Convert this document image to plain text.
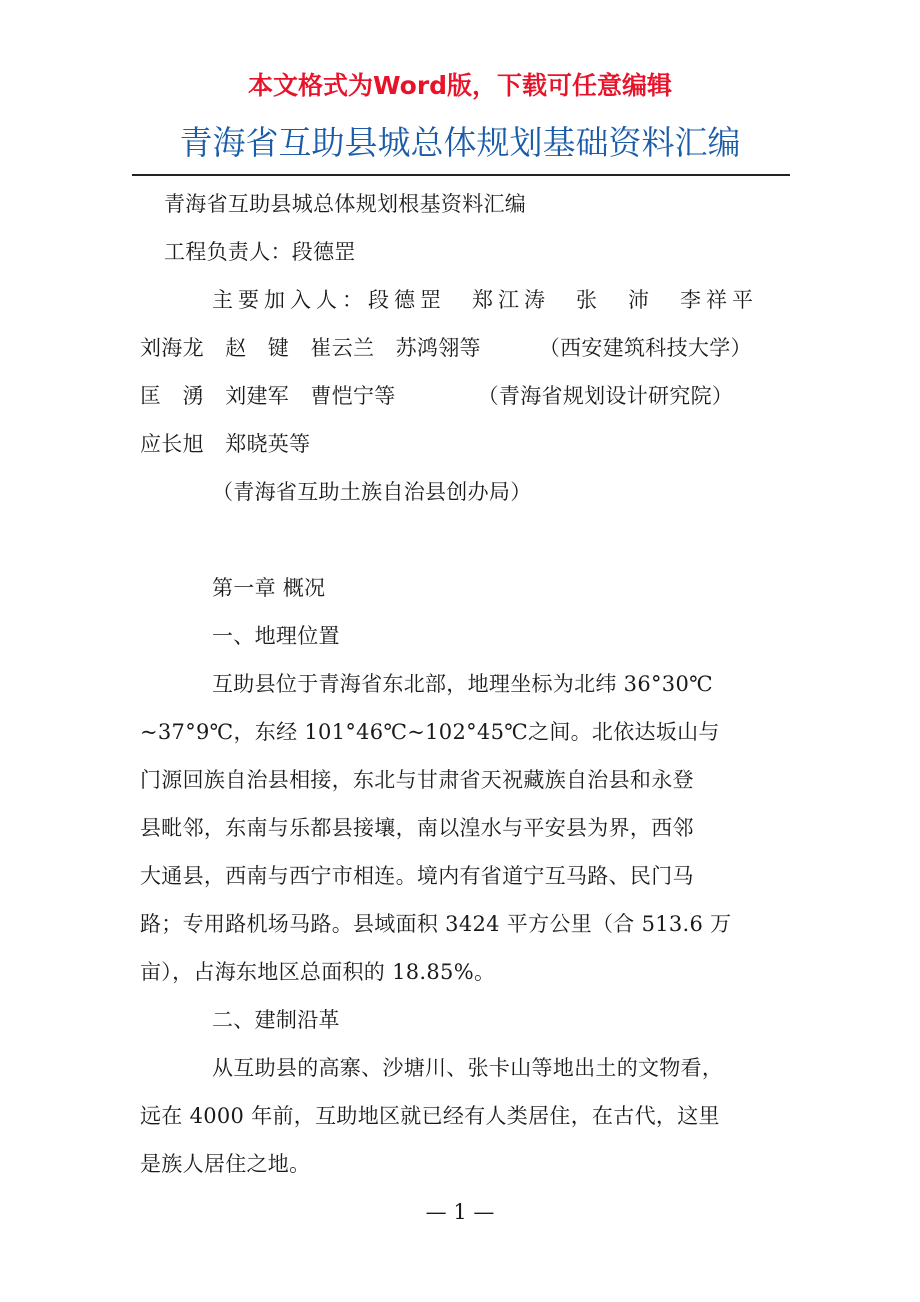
本文格式为Word版，下载可任意编辑
青海省互助县城总体规划基础资料汇编
青海省互助县城总体规划根基资料汇编
工程负责人：段德罡
主要加入人：段德罡　郑江涛　张　沛　李祥平
刘海龙　赵　键　崔云兰　苏鸿翎等	（西安建筑科技大学）
匡　湧　刘建军　曹恺宁等	（青海省规划设计研究院）
应长旭　郑晓英等
（青海省互助土族自治县创办局）
第一章 概况
一、地理位置
互助县位于青海省东北部，地理坐标为北纬 36°30℃
~37°9℃，东经 101°46℃~102°45℃之间。北依达坂山与
门源回族自治县相接，东北与甘肃省天祝藏族自治县和永登
县毗邻，东南与乐都县接壤，南以湟水与平安县为界，西邻
大通县，西南与西宁市相连。境内有省道宁互马路、民门马
路；专用路机场马路。县域面积 3424 平方公里（合 513.6 万
亩），占海东地区总面积的 18.85%。
二、建制沿革
从互助县的高寨、沙塘川、张卡山等地出土的文物看，
远在 4000 年前，互助地区就已经有人类居住，在古代，这里
是族人居住之地。
— 1 —
